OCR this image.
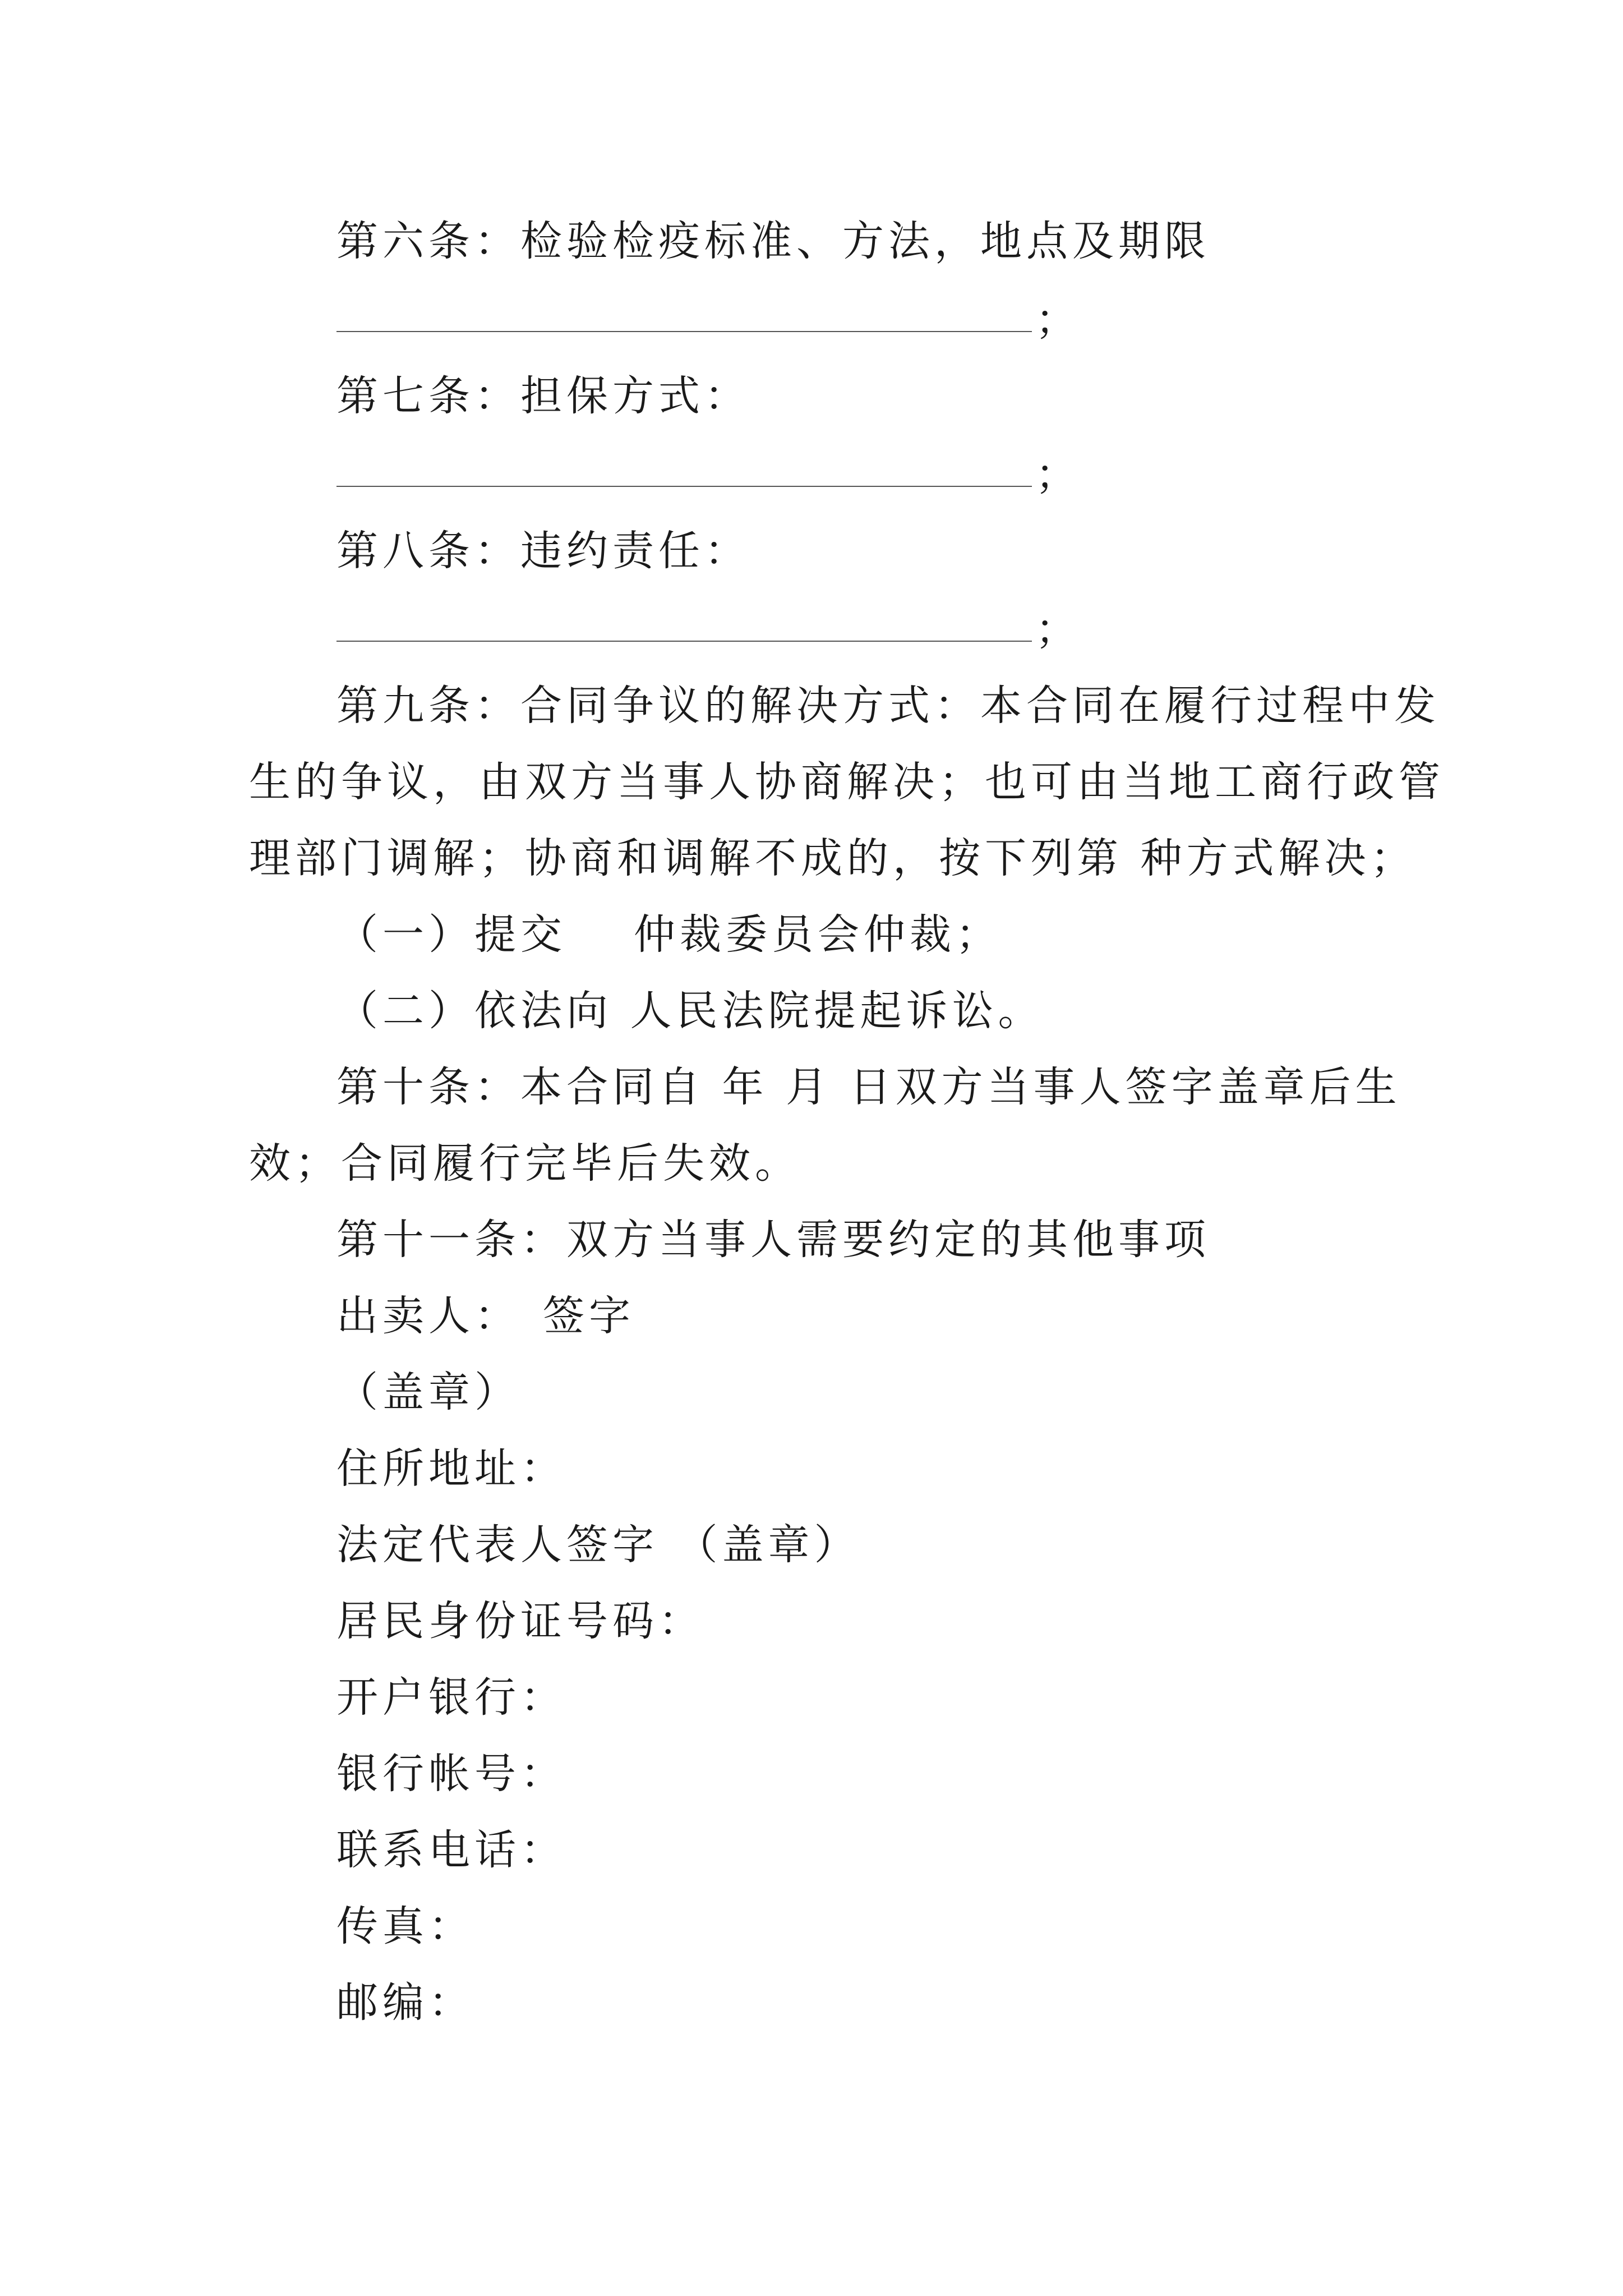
第六条：检验检疫标准、方法，地点及期限
；
第七条：担保方式：
；
第八条：违约责任：
；
第九条：合同争议的解决方式：本合同在履行过程中发
生的争议，由双方当事人协商解决；也可由当地工商行政管
理部门调解；协商和调解不成的，按下列第 种方式解决；
（一）提交 仲裁委员会仲裁；
（二）依法向 人民法院提起诉讼。
第十条：本合同自 年 月 日双方当事人签字盖章后生
效；合同履行完毕后失效。
第十一条：双方当事人需要约定的其他事项
出卖人： 签字
（盖章）
住所地址：
法定代表人签字 （盖章）
居民身份证号码：
开户银行：
银行帐号：
联系电话：
传真：
邮编：
